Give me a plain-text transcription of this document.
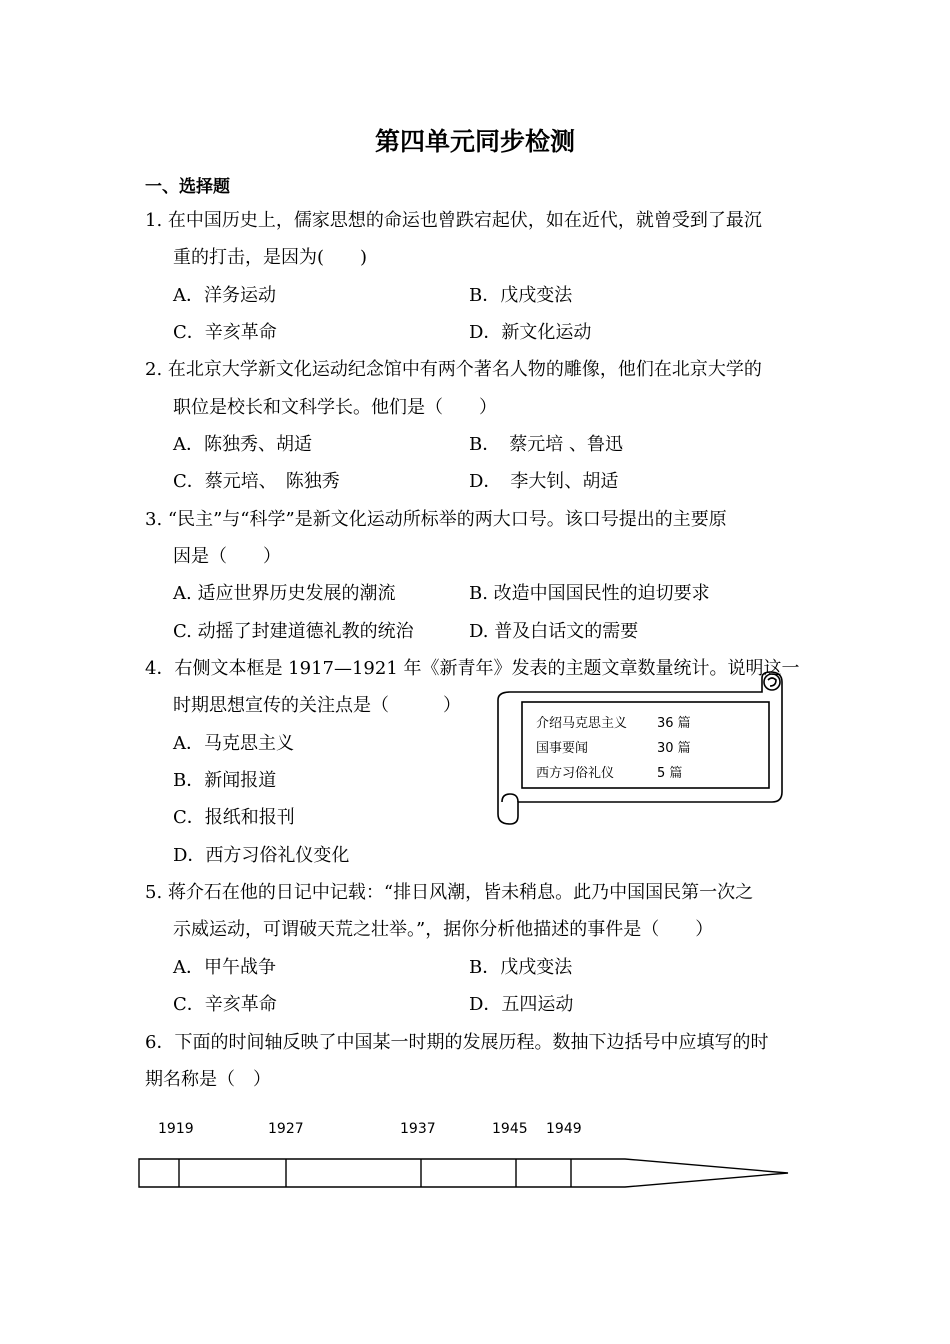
第四单元同步检测
一、选择题
1. 在中国历史上，儒家思想的命运也曾跌宕起伏，如在近代，就曾受到了最沉
重的打击，是因为(　　)
A．洋务运动	B．戊戌变法
C．辛亥革命	D．新文化运动
2. 在北京大学新文化运动纪念馆中有两个著名人物的雕像，他们在北京大学的
职位是校长和文科学长。他们是（　　）
A．陈独秀、胡适	B．　蔡元培 、鲁迅
C．蔡元培、　陈独秀	D．　李大钊、胡适
3. “民主”与“科学”是新文化运动所标举的两大口号。该口号提出的主要原
因是（　　）
A. 适应世界历史发展的潮流	B. 改造中国国民性的迫切要求
C. 动摇了封建道德礼教的统治	D. 普及白话文的需要
4．右侧文本框是 1917—1921 年《新青年》发表的主题文章数量统计。说明这一
时期思想宣传的关注点是（　　　）
A．马克思主义
B．新闻报道
C．报纸和报刊
D．西方习俗礼仪变化
介绍马克思主义 36 篇
国事要闻	30 篇
西方习俗礼仪	5 篇
5. 蒋介石在他的日记中记载：“排日风潮，皆未稍息。此乃中国国民第一次之
示威运动，可谓破天荒之壮举。”，据你分析他描述的事件是（　　）
A．甲午战争	B．戊戌变法
C．辛亥革命	D．五四运动
6．下面的时间轴反映了中国某一时期的发展历程。数抽下边括号中应填写的时
期名称是（　）
1919	1927	1937	1945 1949
